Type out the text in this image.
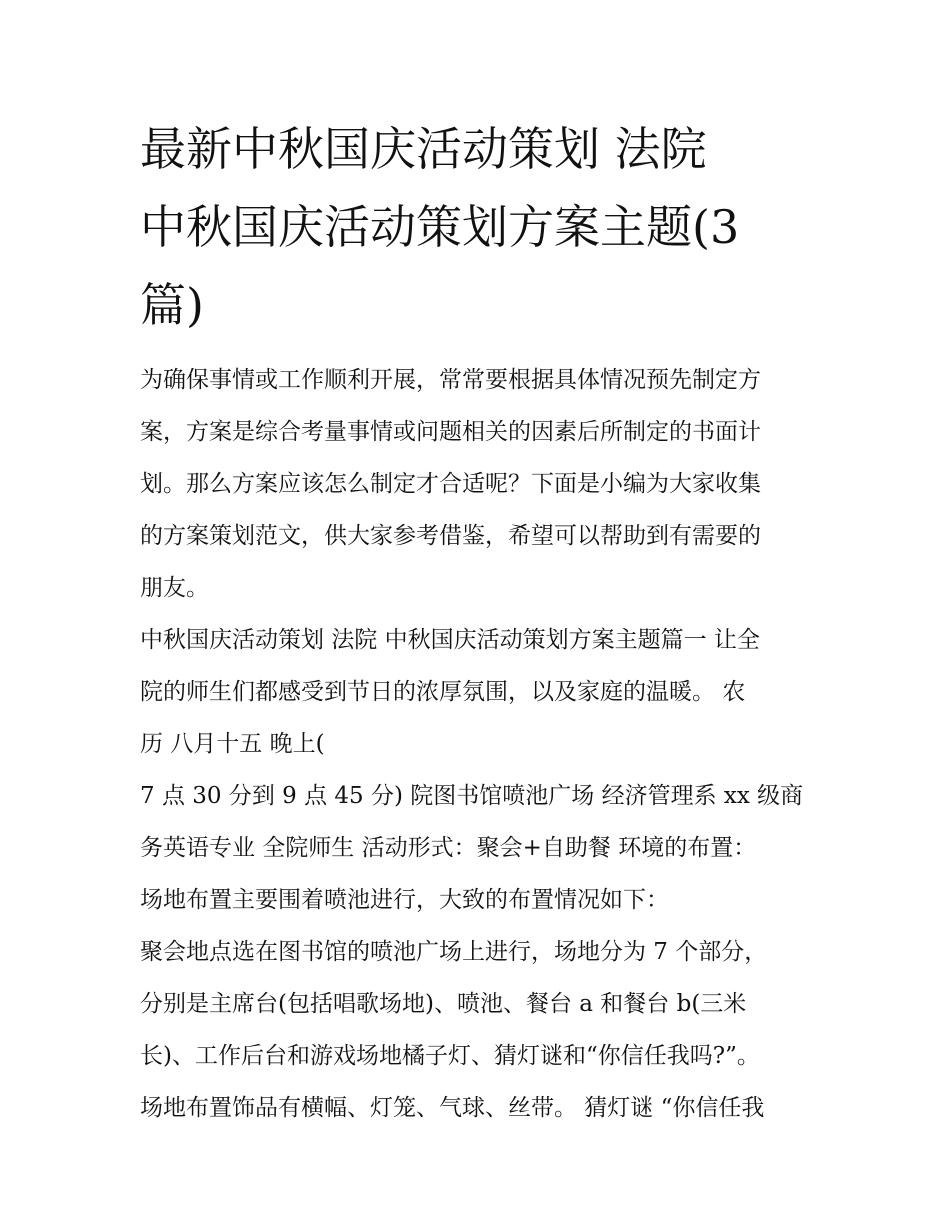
最新中秋国庆活动策划 法院
中秋国庆活动策划方案主题(3
篇)

为确保事情或工作顺利开展，常常要根据具体情况预先制定方
案，方案是综合考量事情或问题相关的因素后所制定的书面计
划。那么方案应该怎么制定才合适呢？下面是小编为大家收集
的方案策划范文，供大家参考借鉴，希望可以帮助到有需要的
朋友。

中秋国庆活动策划 法院 中秋国庆活动策划方案主题篇一 让全
院的师生们都感受到节日的浓厚氛围，以及家庭的温暖。 农
历 八月十五 晚上(

7 点 30 分到 9 点 45 分) 院图书馆喷池广场 经济管理系 xx 级商
务英语专业 全院师生 活动形式：聚会+自助餐 环境的布置：

场地布置主要围着喷池进行，大致的布置情况如下：

聚会地点选在图书馆的喷池广场上进行，场地分为 7 个部分，
分别是主席台(包括唱歌场地)、喷池、餐台 a 和餐台 b(三米
长)、工作后台和游戏场地橘子灯、猜灯谜和“你信任我吗?”。
场地布置饰品有横幅、灯笼、气球、丝带。 猜灯谜 “你信任我
